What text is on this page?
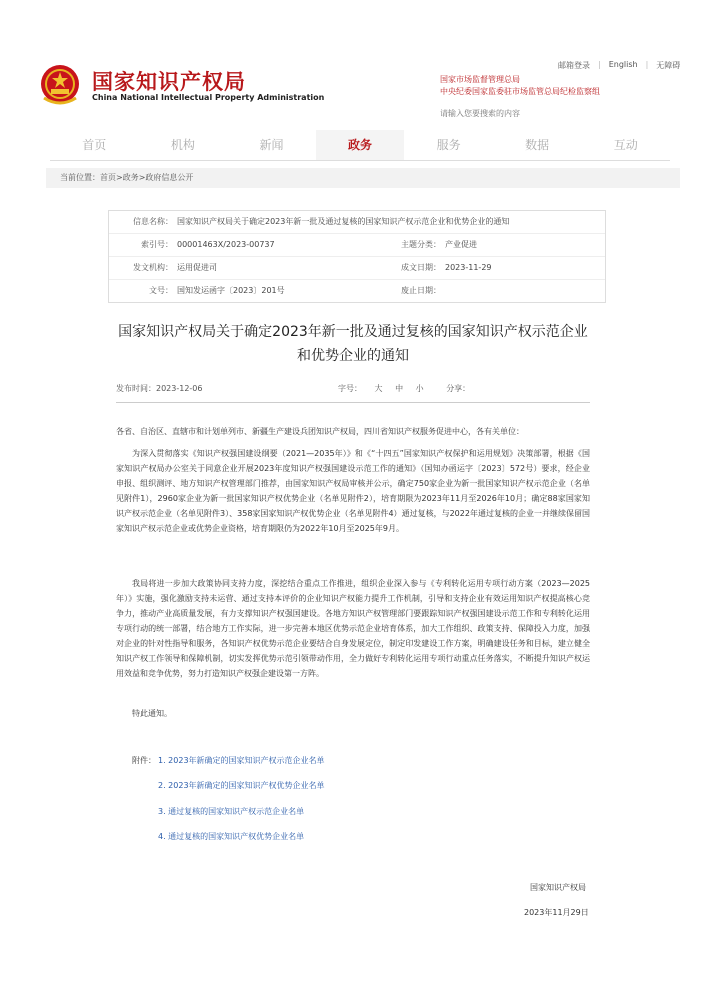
邮箱登录	|	English	|	无障碍
国家知识产权局
China National Intellectual Property Administration
国家市场监督管理总局
中央纪委国家监委驻市场监管总局纪检监察组
请输入您要搜索的内容
首页	机构	新闻	政务	服务	数据	互动
当前位置：首页>政务>政府信息公开
信息名称： 国家知识产权局关于确定2023年新一批及通过复核的国家知识产权示范企业和优势企业的通知
索引号： 00001463X/2023-00737	主题分类： 产业促进
发文机构： 运用促进司	成文日期： 2023-11-29
文号： 国知发运函字〔2023〕201号	废止日期：
国家知识产权局关于确定2023年新一批及通过复核的国家知识产权示范企业
和优势企业的通知
发布时间：2023-12-06	字号： 大 中 小	分享：
各省、自治区、直辖市和计划单列市、新疆生产建设兵团知识产权局，四川省知识产权服务促进中心，各有关单位：
为深入贯彻落实《知识产权强国建设纲要（2021—2035年）》和《“十四五”国家知识产权保护和运用规划》决策部署，根据《国家知识产权局办公室关于同意企业开展2023年度知识产权强国建设示范工作的通知》（国知办函运字〔2023〕572号）要求，经企业申报、组织测评、地方知识产权管理部门推荐，由国家知识产权局审核并公示，确定750家企业为新一批国家知识产权示范企业（名单见附件1），2960家企业为新一批国家知识产权优势企业（名单见附件2），培育期限为2023年11月至2026年10月；确定88家国家知识产权示范企业（名单见附件3）、358家国家知识产权优势企业（名单见附件4）通过复核，与2022年通过复核的企业一并继续保留国家知识产权示范企业或优势企业资格，培育期限仍为2022年10月至2025年9月。
我局将进一步加大政策协同支持力度，深挖结合重点工作推进，组织企业深入参与《专利转化运用专项行动方案（2023—2025年）》实施，强化激励支持未运营、通过支持本评价的企业知识产权能力提升工作机制，引导和支持企业有效运用知识产权提高核心竞争力，推动产业高质量发展，有力支撑知识产权强国建设。各地方知识产权管理部门要跟踪知识产权强国建设示范工作和专利转化运用专项行动的统一部署，结合地方工作实际，进一步完善本地区优势示范企业培育体系，加大工作组织、政策支持、保障投入力度，加强对企业的针对性指导和服务，各知识产权优势示范企业要结合自身发展定位，制定印发建设工作方案，明确建设任务和目标，建立健全知识产权工作领导和保障机制，切实发挥优势示范引领带动作用，全力做好专利转化运用专项行动重点任务落实，不断提升知识产权运用效益和竞争优势，努力打造知识产权强企建设第一方阵。
特此通知。
附件： 1. 2023年新确定的国家知识产权示范企业名单
2. 2023年新确定的国家知识产权优势企业名单
3. 通过复核的国家知识产权示范企业名单
4. 通过复核的国家知识产权优势企业名单
国家知识产权局
2023年11月29日
